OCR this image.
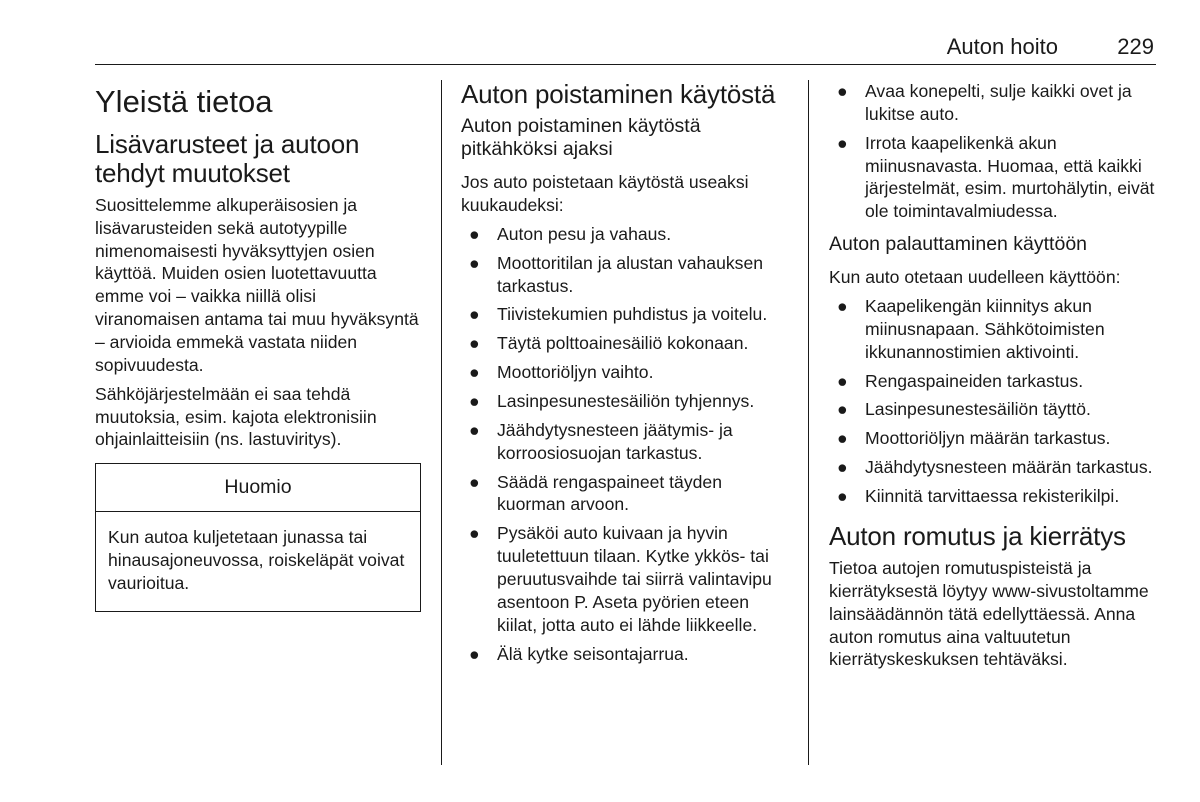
Auton hoito	229
Yleistä tietoa
Lisävarusteet ja autoon tehdyt muutokset

Suosittelemme alkuperäisosien ja lisävarusteiden sekä autotyypille nimenomaisesti hyväksyttyjen osien käyttöä. Muiden osien luotettavuutta emme voi – vaikka niillä olisi viranomaisen antama tai muu hyväksyntä – arvioida emmekä vastata niiden sopivuudesta.

Sähköjärjestelmään ei saa tehdä muutoksia, esim. kajota elektronisiin ohjainlaitteisiin (ns. lastuviritys).

Huomio
Kun autoa kuljetetaan junassa tai hinausajoneuvossa, roiskeläpät voivat vaurioitua.
Auton poistaminen käytöstä
Auton poistaminen käytöstä pitkähköksi ajaksi

Jos auto poistetaan käytöstä useaksi kuukaudeksi:

● Auton pesu ja vahaus.
● Moottoritilan ja alustan vahauksen tarkastus.
● Tiivistekumien puhdistus ja voitelu.
● Täytä polttoainesäiliö kokonaan.
● Moottoriöljyn vaihto.
● Lasinpesunestesäiliön tyhjennys.
● Jäähdytysnesteen jäätymis- ja korroosiosuojan tarkastus.
● Säädä rengaspaineet täyden kuorman arvoon.
● Pysäköi auto kuivaan ja hyvin tuuletettuun tilaan. Kytke ykkös- tai peruutusvaihde tai siirrä valintavipu asentoon P. Aseta pyörien eteen kiilat, jotta auto ei lähde liikkeelle.
● Älä kytke seisontajarrua.
● Avaa konepelti, sulje kaikki ovet ja lukitse auto.
● Irrota kaapelikenkä akun miinusnavasta. Huomaa, että kaikki järjestelmät, esim. murtohälytin, eivät ole toimintavalmiudessa.
Auton palauttaminen käyttöön

Kun auto otetaan uudelleen käyttöön:

● Kaapelikengän kiinnitys akun miinusnapaan. Sähkötoimisten ikkunannostimien aktivointi.
● Rengaspaineiden tarkastus.
● Lasinpesunestesäiliön täyttö.
● Moottoriöljyn määrän tarkastus.
● Jäähdytysnesteen määrän tarkastus.
● Kiinnitä tarvittaessa rekisterikilpi.
Auton romutus ja kierrätys

Tietoa autojen romutuspisteistä ja kierrätyksestä löytyy www-sivustoltamme lainsäädännön tätä edellyttäessä. Anna auton romutus aina valtuutetun kierrätyskeskuksen tehtäväksi.
